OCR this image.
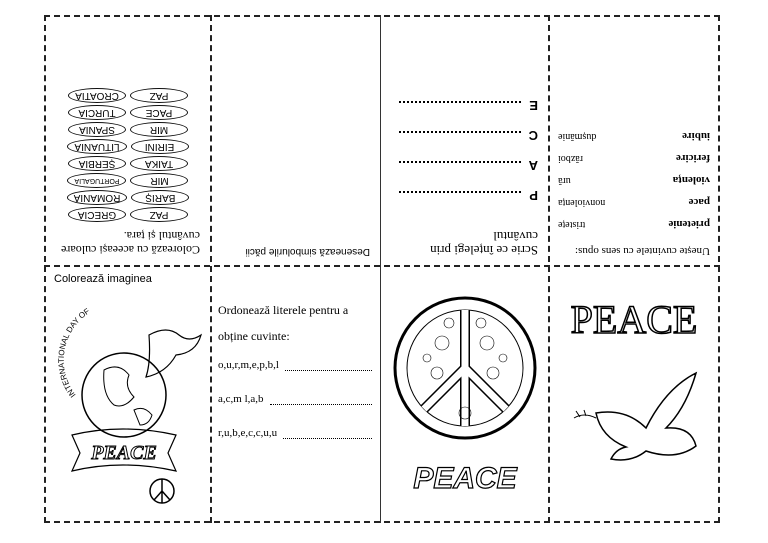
Colorează cu aceeași culoare cuvântul și țara.
PAZ
GRECIA
BARIȘ
ROMANIA
MIR
PORTUGALIA
TAIKA
ȘERBIA
EIRINI
LITUANIA
MIR
SPANIA
PACE
TURCIA
PAZ
CROATIA
Desenează simbolurile păcii	Scrie ce înțelegi prin cuvântul
P
A
C
E
Unește cuvintele cu sens opus:
prietenie
tristețe
pace
nonviolența
violența
ură
fericire
război
iubire
dușmănie
Colorează imaginea
INTERNATIONAL DAY OF
PEACE
Ordonează literele pentru a obține cuvinte:
o,u,r,m,e,p,b,l
a,c,m l,a,b
r,u,b,e,c,c,u,u
PEACE
PEACE
